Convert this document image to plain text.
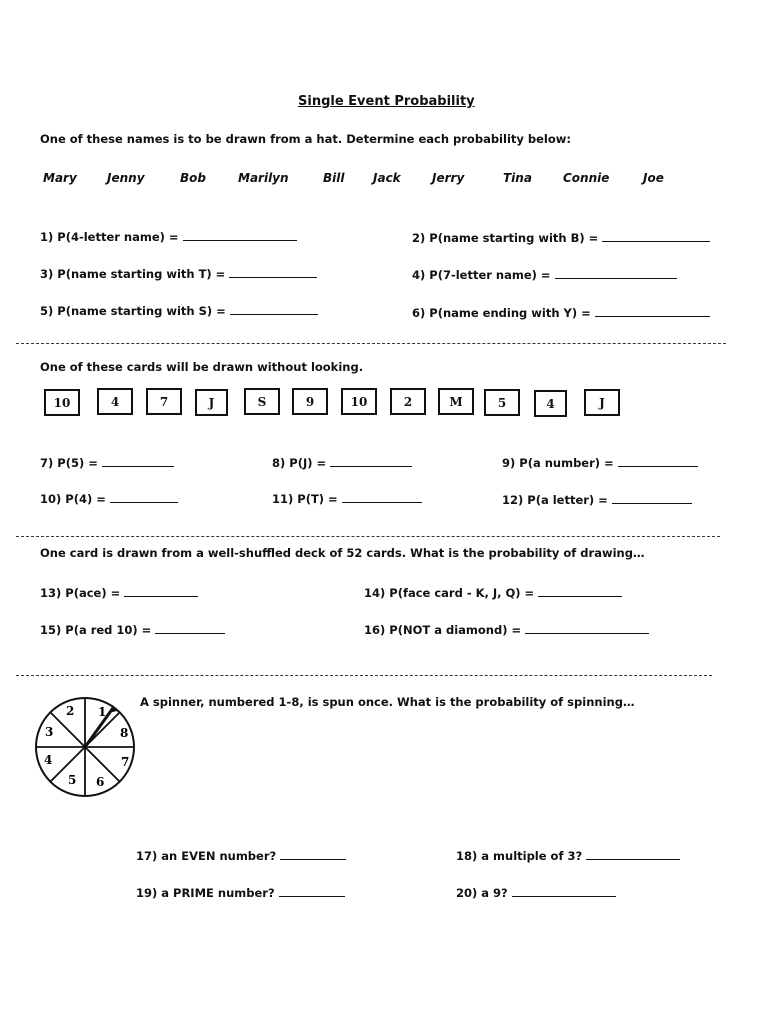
Single Event Probability
One of these names is to be drawn from a hat. Determine each probability below:
Mary	Jenny	Bob	Marilyn	Bill Jack	Jerry	Tina	Connie	Joe
1) P(4-letter name) =	2) P(name starting with B) =
3) P(name starting with T) =	4) P(7-letter name) =
5) P(name starting with S) =	6) P(name ending with Y) =
One of these cards will be drawn without looking.
10	4	7	J	S	9	10	2	M	5	4	J
7) P(5) =	8) P(J) =	9) P(a number) =
10) P(4) =	11) P(T) =	12) P(a letter) =
One card is drawn from a well-shuffled deck of 52 cards. What is the probability of drawing…
13) P(ace) =	14) P(face card - K, J, Q) =
15) P(a red 10) =	16) P(NOT a diamond) =
1
2
3
4
5 6
7
8
A spinner, numbered 1-8, is spun once. What is the probability of spinning…
17) an EVEN number?	18) a multiple of 3?
19) a PRIME number?	20) a 9?
